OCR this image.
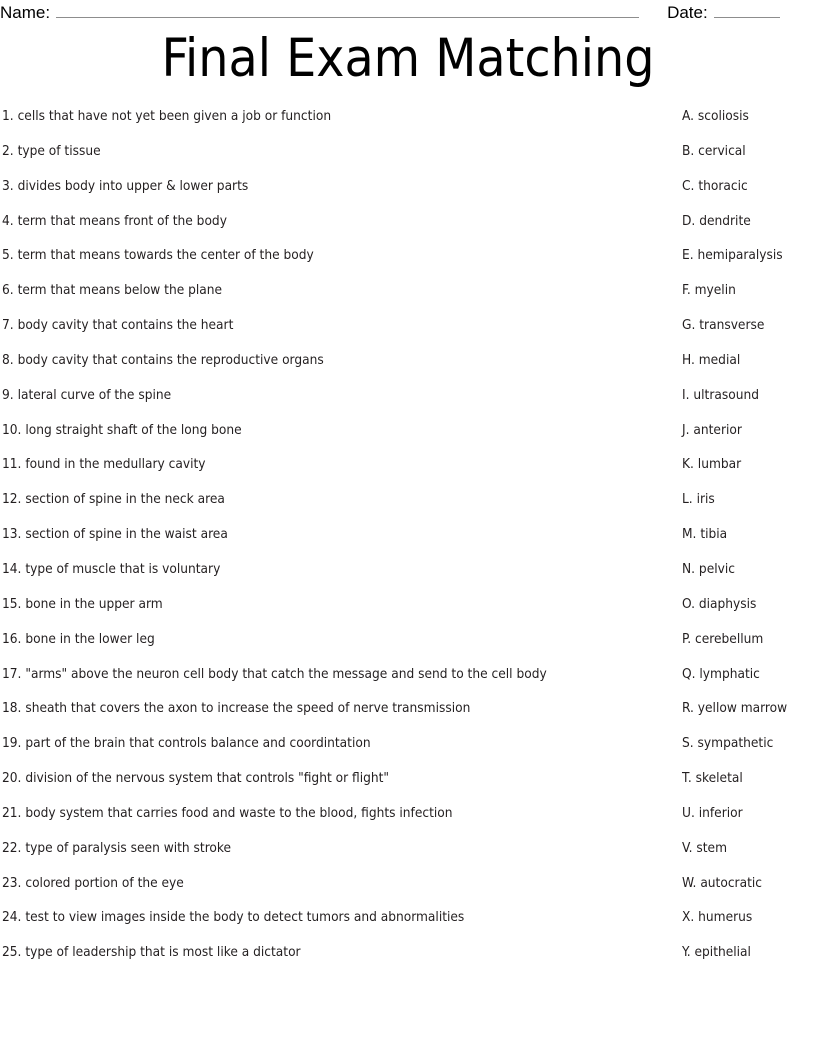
Name:	Date:
Final Exam Matching
1. cells that have not yet been given a job or function	A. scoliosis
2. type of tissue	B. cervical
3. divides body into upper & lower parts	C. thoracic
4. term that means front of the body	D. dendrite
5. term that means towards the center of the body	E. hemiparalysis
6. term that means below the plane	F. myelin
7. body cavity that contains the heart	G. transverse
8. body cavity that contains the reproductive organs	H. medial
9. lateral curve of the spine	I. ultrasound
10. long straight shaft of the long bone	J. anterior
11. found in the medullary cavity	K. lumbar
12. section of spine in the neck area	L. iris
13. section of spine in the waist area	M. tibia
14. type of muscle that is voluntary	N. pelvic
15. bone in the upper arm	O. diaphysis
16. bone in the lower leg	P. cerebellum
17. "arms" above the neuron cell body that catch the message and send to the cell body	Q. lymphatic
18. sheath that covers the axon to increase the speed of nerve transmission	R. yellow marrow
19. part of the brain that controls balance and coordintation	S. sympathetic
20. division of the nervous system that controls "fight or flight"	T. skeletal
21. body system that carries food and waste to the blood, fights infection	U. inferior
22. type of paralysis seen with stroke	V. stem
23. colored portion of the eye	W. autocratic
24. test to view images inside the body to detect tumors and abnormalities	X. humerus
25. type of leadership that is most like a dictator	Y. epithelial
